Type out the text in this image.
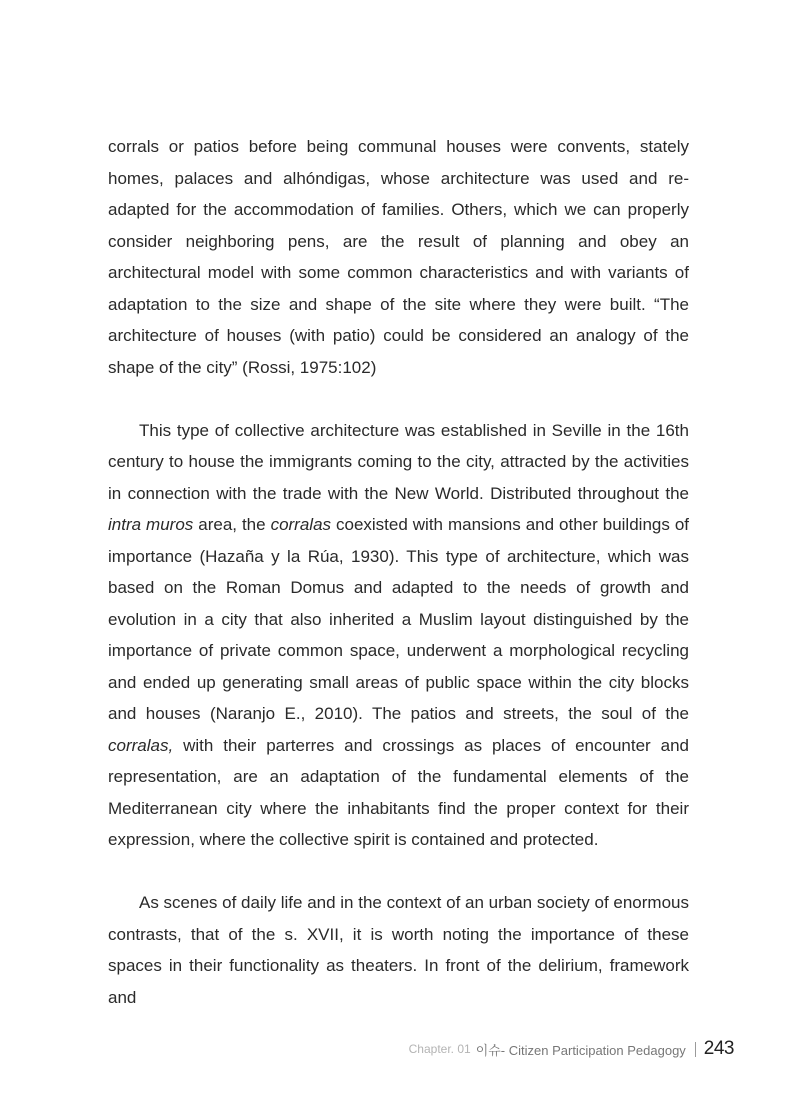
corrals or patios before being communal houses were convents, stately homes, palaces and alhóndigas, whose architecture was used and re-adapted for the accommodation of families. Others, which we can properly consider neighboring pens, are the result of planning and obey an architectural model with some common characteristics and with variants of adaptation to the size and shape of the site where they were built. “The architecture of houses (with patio) could be considered an analogy of the shape of the city” (Rossi, 1975:102)

This type of collective architecture was established in Seville in the 16th century to house the immigrants coming to the city, attracted by the activities in connection with the trade with the New World. Distributed throughout the intra muros area, the corralas coexisted with mansions and other buildings of importance (Hazaña y la Rúa, 1930). This type of architecture, which was based on the Roman Domus and adapted to the needs of growth and evolution in a city that also inherited a Muslim layout distinguished by the importance of private common space, underwent a morphological recycling and ended up generating small areas of public space within the city blocks and houses (Naranjo E., 2010). The patios and streets, the soul of the corralas, with their parterres and crossings as places of encounter and representation, are an adaptation of the fundamental elements of the Mediterranean city where the inhabitants find the proper context for their expression, where the collective spirit is contained and protected.

As scenes of daily life and in the context of an urban society of enormous contrasts, that of the s. XVII, it is worth noting the importance of these spaces in their functionality as theaters. In front of the delirium, framework and

Chapter. 01 이슈- Citizen Participation Pedagogy 243
